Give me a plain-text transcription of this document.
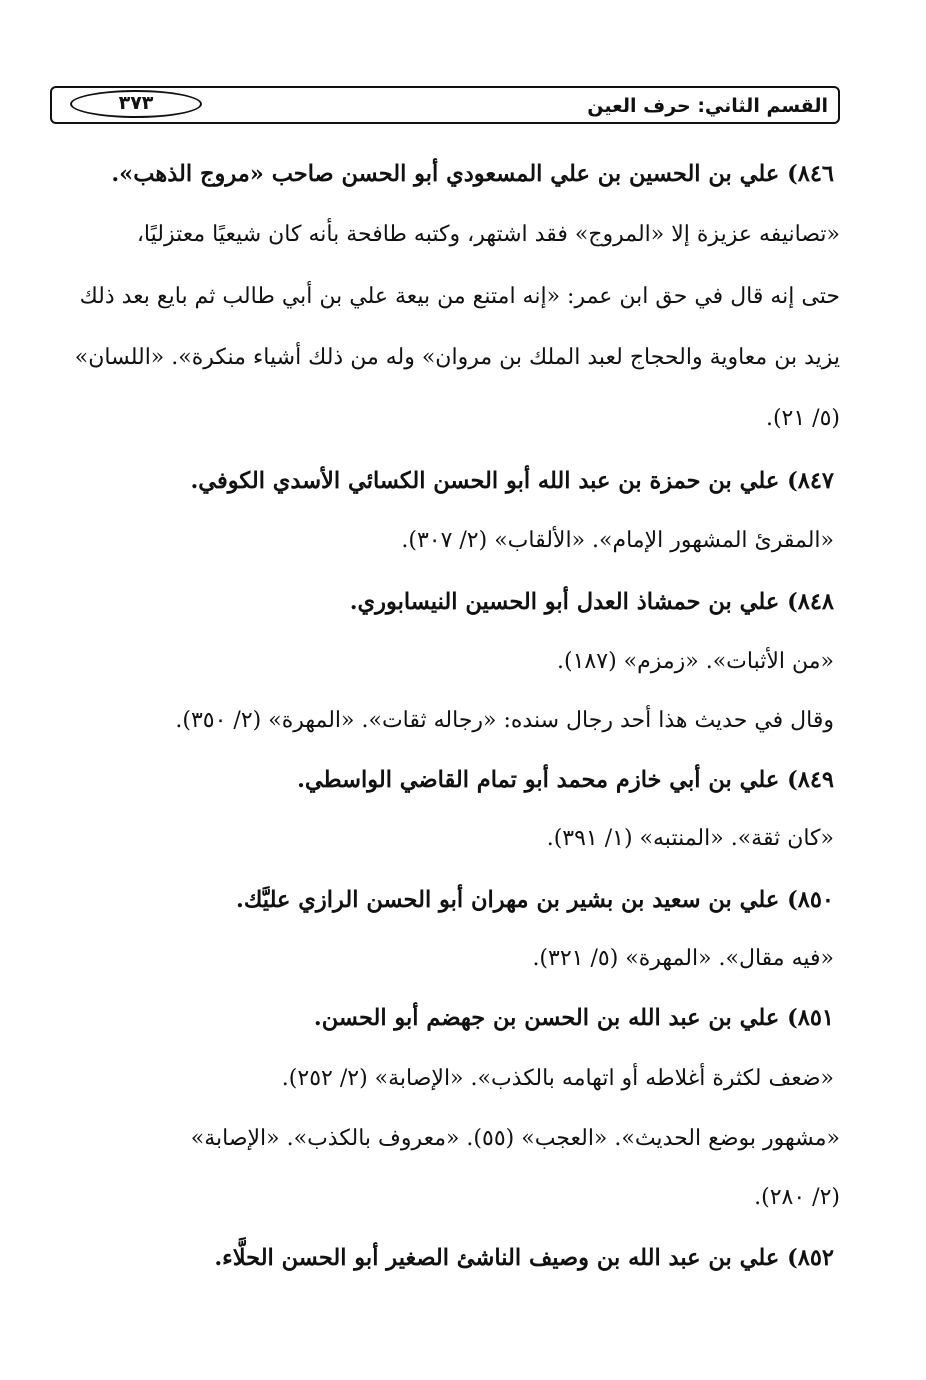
القسم الثاني: حرف العين
٣٧٣
٨٤٦) علي بن الحسين بن علي المسعودي أبو الحسن صاحب «مروج الذهب».
«تصانيفه عزيزة إلا «المروج» فقد اشتهر، وكتبه طافحة بأنه كان شيعيًا معتزليًا،
حتى إنه قال في حق ابن عمر: «إنه امتنع من بيعة علي بن أبي طالب ثم بايع بعد ذلك
يزيد بن معاوية والحجاج لعبد الملك بن مروان» وله من ذلك أشياء منكرة». «اللسان»
(٥/ ٢١).
٨٤٧) علي بن حمزة بن عبد الله أبو الحسن الكسائي الأسدي الكوفي.
«المقرئ المشهور الإمام». «الألقاب» (٢/ ٣٠٧).
٨٤٨) علي بن حمشاذ العدل أبو الحسين النيسابوري.
«من الأثبات». «زمزم» (١٨٧).
وقال في حديث هذا أحد رجال سنده: «رجاله ثقات». «المهرة» (٢/ ٣٥٠).
٨٤٩) علي بن أبي خازم محمد أبو تمام القاضي الواسطي.
«كان ثقة». «المنتبه» (١/ ٣٩١).
٨٥٠) علي بن سعيد بن بشير بن مهران أبو الحسن الرازي عليَّك.
«فيه مقال». «المهرة» (٥/ ٣٢١).
٨٥١) علي بن عبد الله بن الحسن بن جهضم أبو الحسن.
«ضعف لكثرة أغلاطه أو اتهامه بالكذب». «الإصابة» (٢/ ٢٥٢).
«مشهور بوضع الحديث». «العجب» (٥٥). «معروف بالكذب». «الإصابة»
(٢/ ٢٨٠).
٨٥٢) علي بن عبد الله بن وصيف الناشئ الصغير أبو الحسن الحلَّاء.
